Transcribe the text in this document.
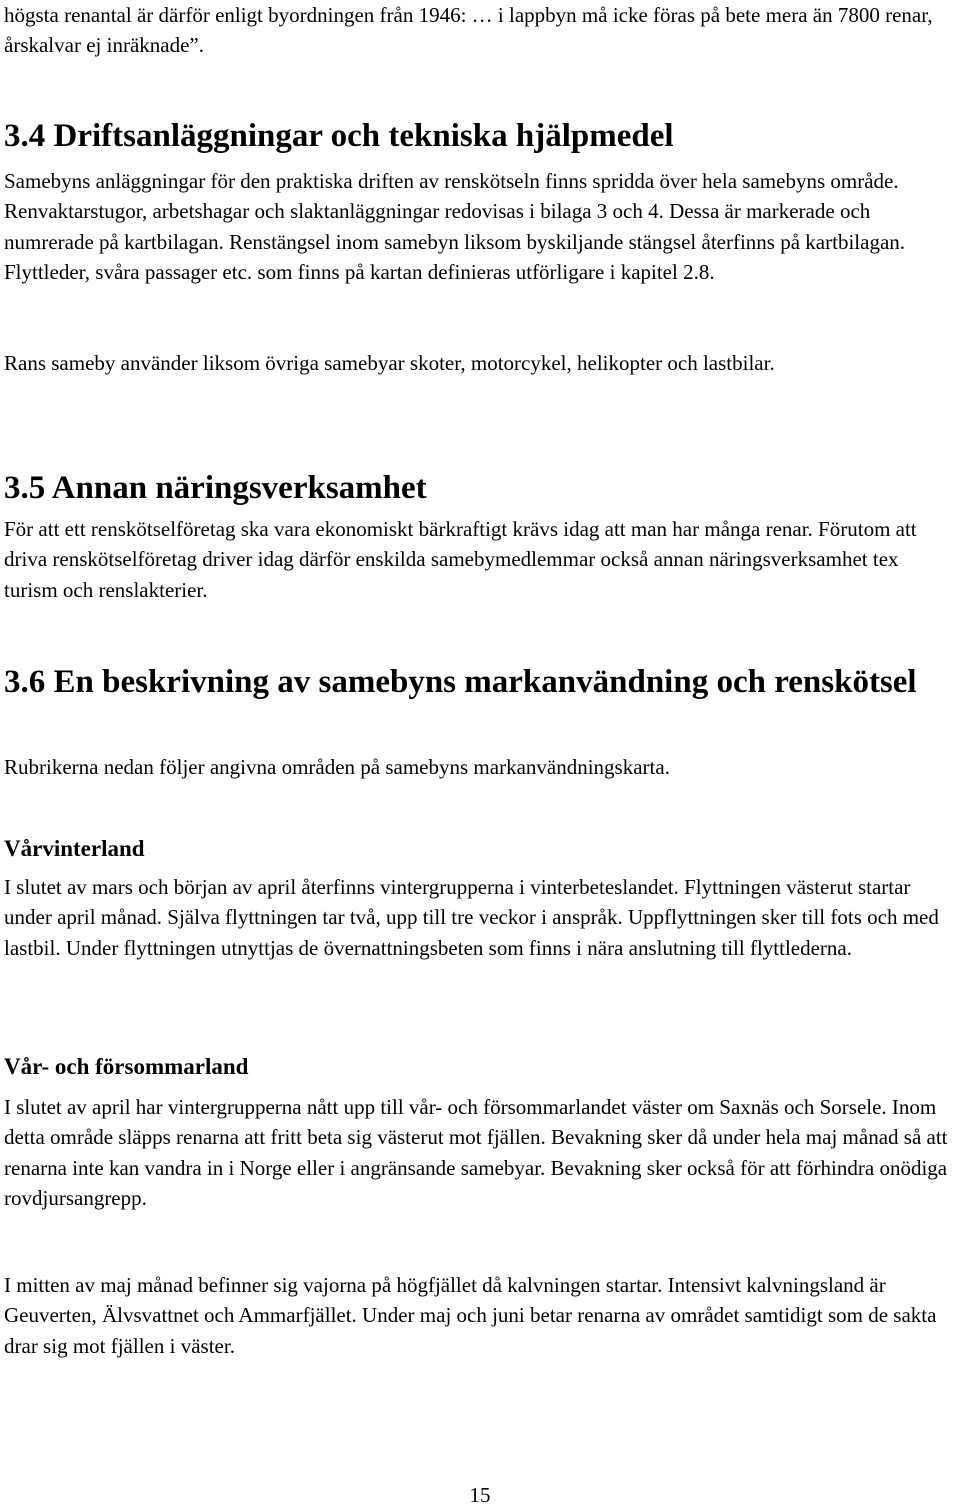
högsta renantal är därför enligt byordningen från 1946: … i lappbyn må icke föras på bete mera än 7800 renar, årskalvar ej inräknade”.

3.4 Driftsanläggningar och tekniska hjälpmedel

Samebyns anläggningar för den praktiska driften av renskötseln finns spridda över hela samebyns område. Renvaktarstugor, arbetshagar och slaktanläggningar redovisas i bilaga 3 och 4. Dessa är markerade och numrerade på kartbilagan. Renstängsel inom samebyn liksom byskiljande stängsel återfinns på kartbilagan. Flyttleder, svåra passager etc. som finns på kartan definieras utförligare i kapitel 2.8.

Rans sameby använder liksom övriga samebyar skoter, motorcykel, helikopter och lastbilar.

3.5 Annan näringsverksamhet

För att ett renskötselföretag ska vara ekonomiskt bärkraftigt krävs idag att man har många renar. Förutom att driva renskötselföretag driver idag därför enskilda samebymedlemmar också annan näringsverksamhet tex turism och renslakterier.

3.6 En beskrivning av samebyns markanvändning och renskötsel

Rubrikerna nedan följer angivna områden på samebyns markanvändningskarta.

Vårvinterland

I slutet av mars och början av april återfinns vintergrupperna i vinterbeteslandet. Flyttningen västerut startar under april månad. Själva flyttningen tar två, upp till tre veckor i anspråk. Uppflyttningen sker till fots och med lastbil. Under flyttningen utnyttjas de övernattningsbeten som finns i nära anslutning till flyttlederna.

Vår- och försommarland

I slutet av april har vintergrupperna nått upp till vår- och försommarlandet väster om Saxnäs och Sorsele. Inom detta område släpps renarna att fritt beta sig västerut mot fjällen. Bevakning sker då under hela maj månad så att renarna inte kan vandra in i Norge eller i angränsande samebyar. Bevakning sker också för att förhindra onödiga rovdjursangrepp.

I mitten av maj månad befinner sig vajorna på högfjället då kalvningen startar. Intensivt kalvningsland är Geuverten, Älvsvattnet och Ammarfjället. Under maj och juni betar renarna av området samtidigt som de sakta drar sig mot fjällen i väster.

15
